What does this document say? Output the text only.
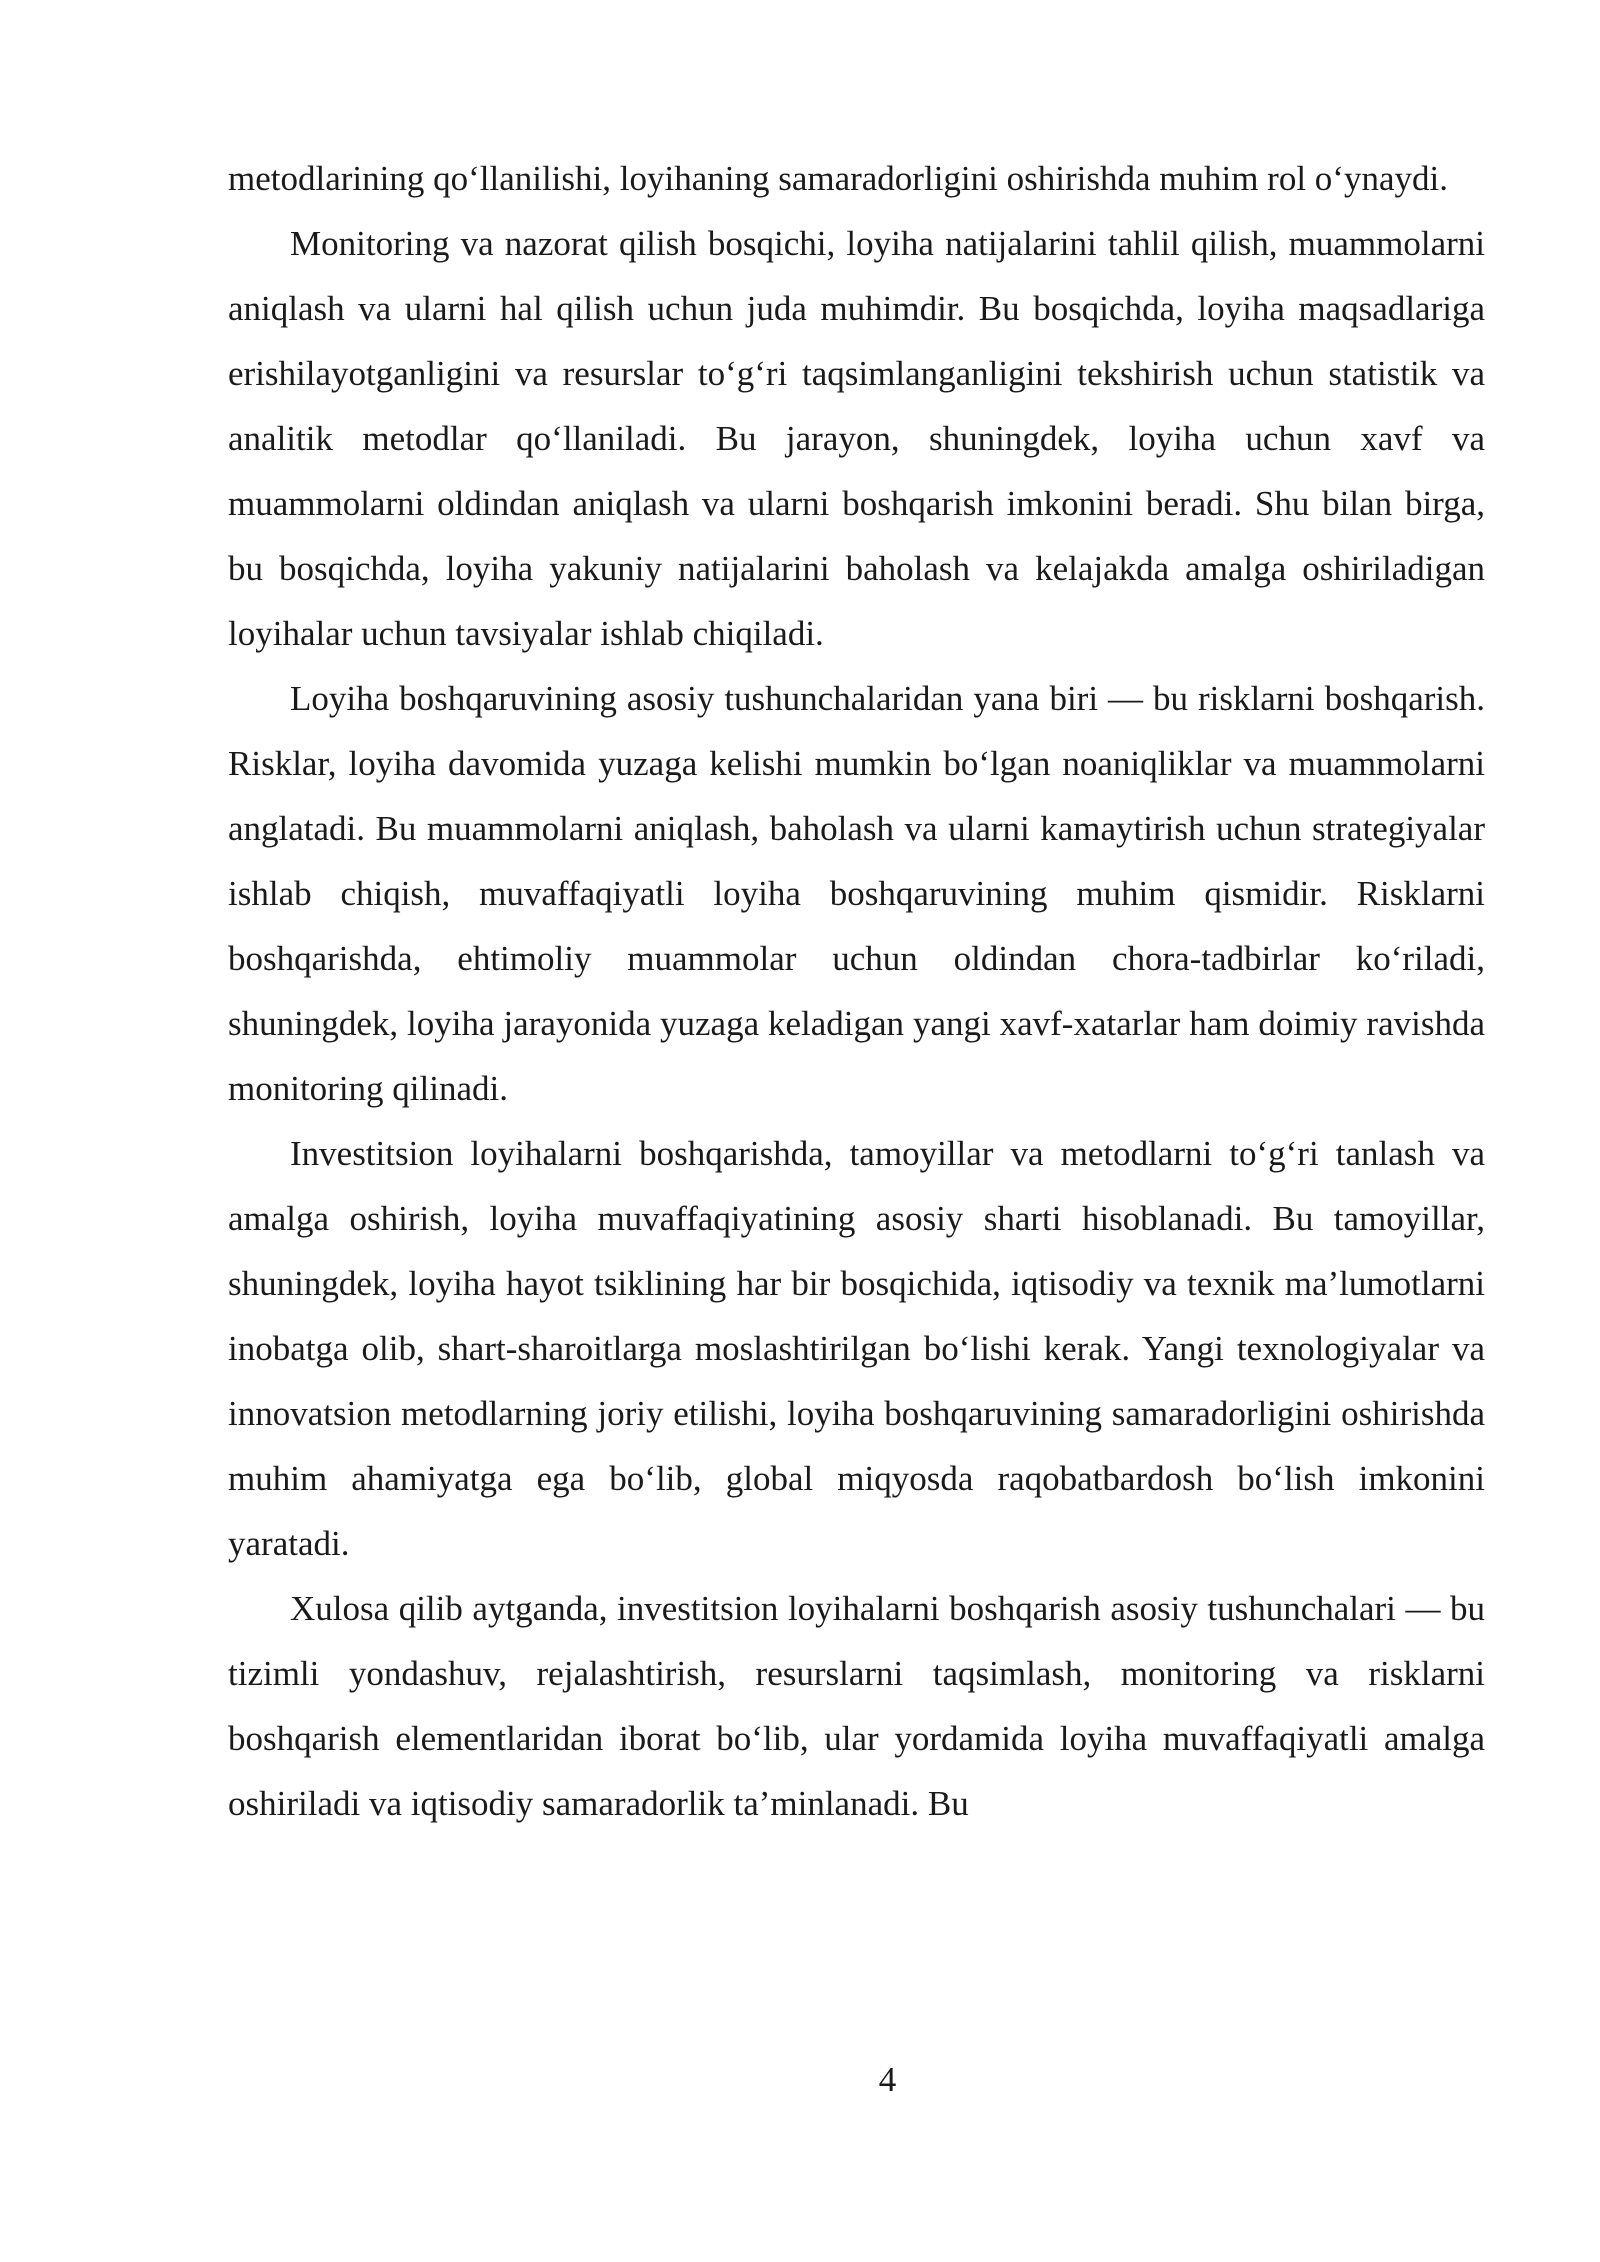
metodlarining qo‘llanilishi, loyihaning samaradorligini oshirishda muhim rol o‘ynaydi.

Monitoring va nazorat qilish bosqichi, loyiha natijalarini tahlil qilish, muammolarni aniqlash va ularni hal qilish uchun juda muhimdir. Bu bosqichda, loyiha maqsadlariga erishilayotganligini va resurslar to‘g‘ri taqsimlanganligini tekshirish uchun statistik va analitik metodlar qo‘llaniladi. Bu jarayon, shuningdek, loyiha uchun xavf va muammolarni oldindan aniqlash va ularni boshqarish imkonini beradi. Shu bilan birga, bu bosqichda, loyiha yakuniy natijalarini baholash va kelajakda amalga oshiriladigan loyihalar uchun tavsiyalar ishlab chiqiladi.

Loyiha boshqaruvining asosiy tushunchalaridan yana biri — bu risklarni boshqarish. Risklar, loyiha davomida yuzaga kelishi mumkin bo‘lgan noaniqliklar va muammolarni anglatadi. Bu muammolarni aniqlash, baholash va ularni kamaytirish uchun strategiyalar ishlab chiqish, muvaffaqiyatli loyiha boshqaruvining muhim qismidir. Risklarni boshqarishda, ehtimoliy muammolar uchun oldindan chora-tadbirlar ko‘riladi, shuningdek, loyiha jarayonida yuzaga keladigan yangi xavf-xatarlar ham doimiy ravishda monitoring qilinadi.

Investitsion loyihalarni boshqarishda, tamoyillar va metodlarni to‘g‘ri tanlash va amalga oshirish, loyiha muvaffaqiyatining asosiy sharti hisoblanadi. Bu tamoyillar, shuningdek, loyiha hayot tsiklining har bir bosqichida, iqtisodiy va texnik ma’lumotlarni inobatga olib, shart-sharoitlarga moslashtirilgan bo‘lishi kerak. Yangi texnologiyalar va innovatsion metodlarning joriy etilishi, loyiha boshqaruvining samaradorligini oshirishda muhim ahamiyatga ega bo‘lib, global miqyosda raqobatbardosh bo‘lish imkonini yaratadi.

Xulosa qilib aytganda, investitsion loyihalarni boshqarish asosiy tushunchalari — bu tizimli yondashuv, rejalashtirish, resurslarni taqsimlash, monitoring va risklarni boshqarish elementlaridan iborat bo‘lib, ular yordamida loyiha muvaffaqiyatli amalga oshiriladi va iqtisodiy samaradorlik ta’minlanadi. Bu

4
